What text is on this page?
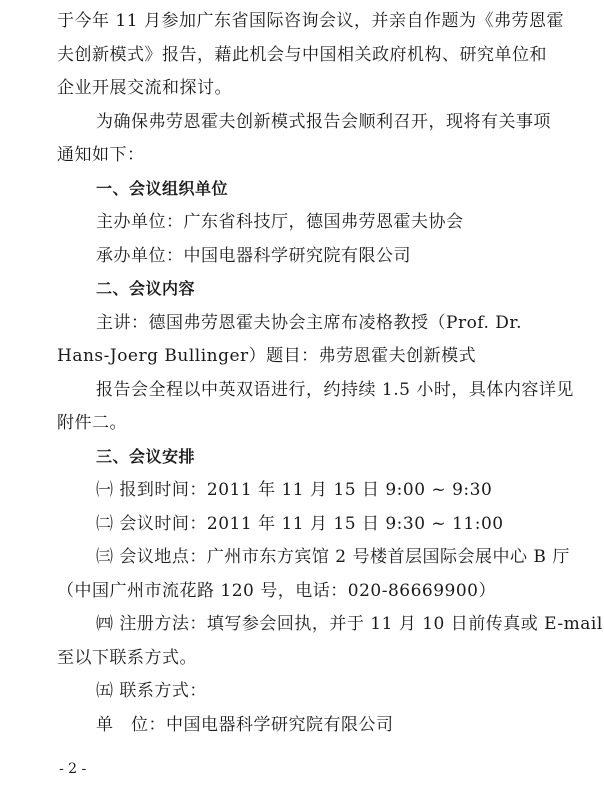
于今年 11 月参加广东省国际咨询会议，并亲自作题为《弗劳恩霍
夫创新模式》报告，藉此机会与中国相关政府机构、研究单位和
企业开展交流和探讨。
为确保弗劳恩霍夫创新模式报告会顺利召开，现将有关事项
通知如下：
一、会议组织单位
主办单位：广东省科技厅，德国弗劳恩霍夫协会
承办单位：中国电器科学研究院有限公司
二、会议内容
主讲：德国弗劳恩霍夫协会主席布凌格教授（Prof. Dr.
Hans-Joerg Bullinger）题目：弗劳恩霍夫创新模式
报告会全程以中英双语进行，约持续 1.5 小时，具体内容详见
附件二。
三、会议安排
㈠ 报到时间：2011 年 11 月 15 日 9:00 ~ 9:30
㈡ 会议时间：2011 年 11 月 15 日 9:30 ~ 11:00
㈢ 会议地点：广州市东方宾馆 2 号楼首层国际会展中心 B 厅
（中国广州市流花路 120 号，电话：020-86669900）
㈣ 注册方法：填写参会回执，并于 11 月 10 日前传真或 E-mail
至以下联系方式。
㈤ 联系方式：
单　位：中国电器科学研究院有限公司
- 2 -
